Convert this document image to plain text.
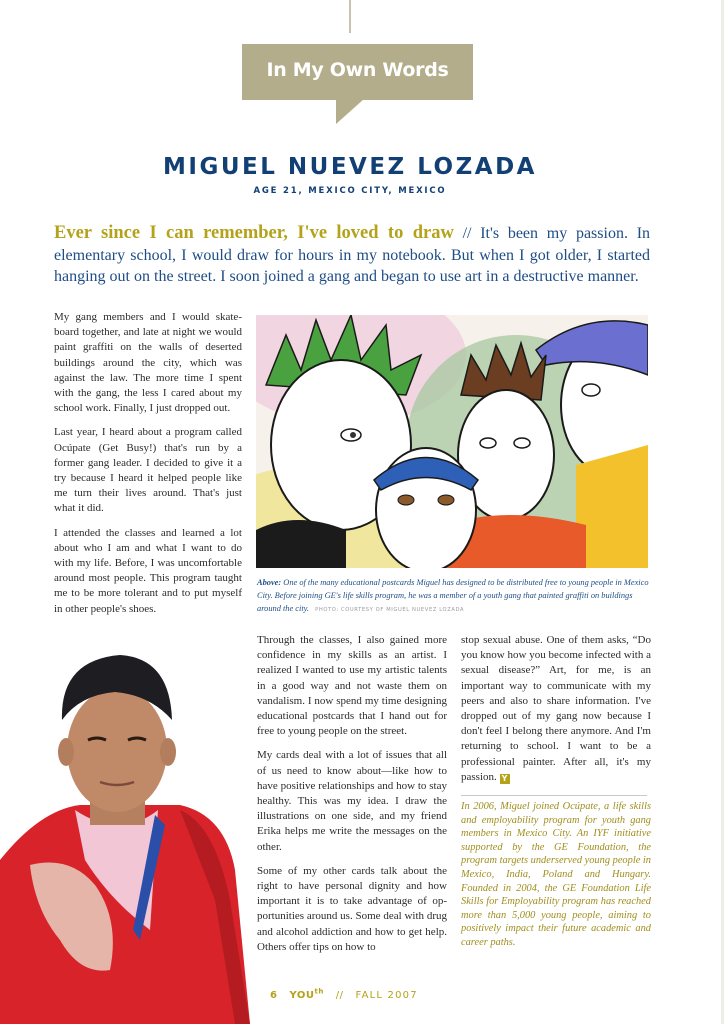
In My Own Words
MIGUEL NUEVEZ LOZADA
AGE 21, MEXICO CITY, MEXICO
Ever since I can remember, I've loved to draw // It's been my passion. In elementary school, I would draw for hours in my notebook. But when I got older, I started hanging out on the street. I soon joined a gang and began to use art in a destructive manner.

My gang members and I would skateboard together, and late at night we would paint graffiti on the walls of deserted buildings around the city, which was against the law. The more time I spent with the gang, the less I cared about my school work. Finally, I just dropped out.

Last year, I heard about a program called Ocúpate (Get Busy!) that's run by a former gang leader. I decided to give it a try because I heard it helped people like me turn their lives around. That's just what it did.

I attended the classes and learned a lot about who I am and what I want to do with my life. Before, I was uncomfortable around most people. This program taught me to be more tolerant and to put myself in other people's shoes.

Above: One of the many educational postcards Miguel has designed to be distributed free to young people in Mexico City. Before joining GE's life skills program, he was a member of a youth gang that painted graffiti on buildings around the city. PHOTO: COURTESY OF MIGUEL NUEVEZ LOZADA

Through the classes, I also gained more confidence in my skills as an artist. I realized I wanted to use my artistic talents in a good way and not waste them on vandalism. I now spend my time designing educational postcards that I hand out for free to young people on the street.

My cards deal with a lot of issues that all of us need to know about—like how to have positive relationships and how to stay healthy. This was my idea. I draw the illustrations on one side, and my friend Erika helps me write the messages on the other.

Some of my other cards talk about the right to have personal dignity and how important it is to take advantage of opportunities around us. Some deal with drug and alcohol addiction and how to get help. Others offer tips on how to

stop sexual abuse. One of them asks, “Do you know how you become infected with a sexual disease?” Art, for me, is an important way to communicate with my peers and also to share information. I've dropped out of my gang now because I don't feel I belong there anymore. And I'm returning to school. I want to be a professional painter. After all, it's my passion. Y

In 2006, Miguel joined Ocúpate, a life skills and employability program for youth gang members in Mexico City. An IYF initiative supported by the GE Foundation, the program targets underserved young people in Mexico, India, Poland and Hungary. Founded in 2004, the GE Foundation Life Skills for Employability program has reached more than 5,000 young people, aiming to positively impact their future academic and career paths.
6 $YOU^{th}$ // FALL 2007
